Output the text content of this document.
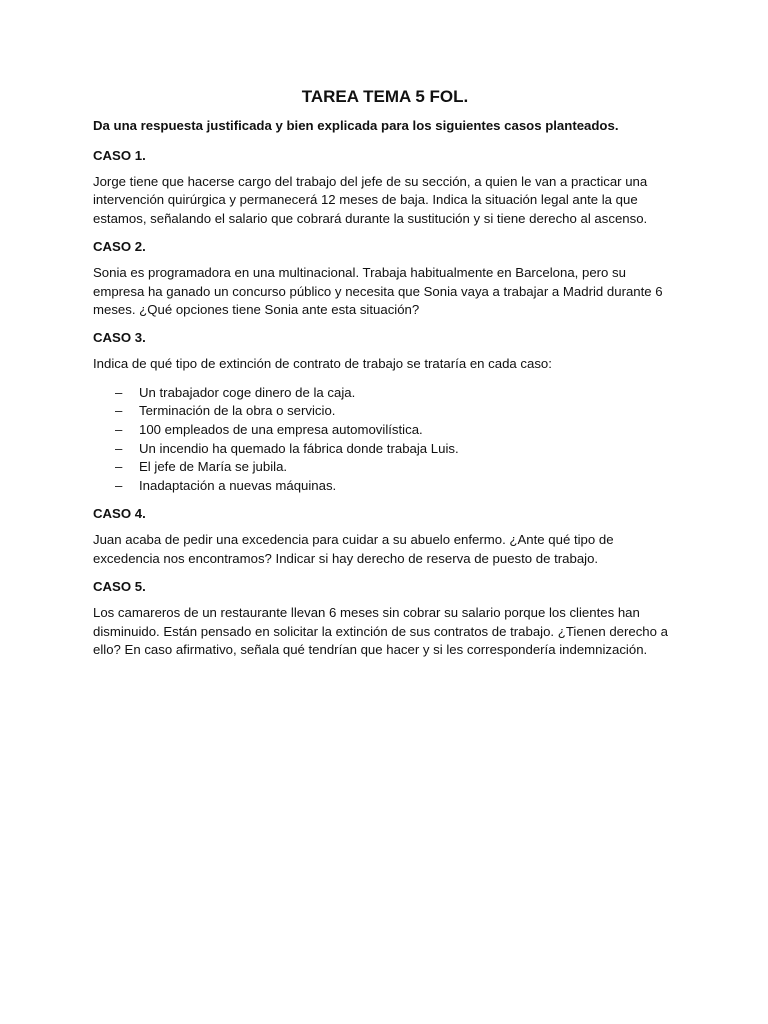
TAREA TEMA 5 FOL.
Da una respuesta justificada y bien explicada para los siguientes casos planteados.
CASO 1.
Jorge tiene que hacerse cargo del trabajo del jefe de su sección, a quien le van a practicar una intervención quirúrgica y permanecerá 12 meses de baja. Indica la situación legal ante la que estamos, señalando el salario que cobrará durante la sustitución y si tiene derecho al ascenso.
CASO 2.
Sonia es programadora en una multinacional. Trabaja habitualmente en Barcelona, pero su empresa ha ganado un concurso público y necesita que Sonia vaya a trabajar a Madrid durante 6 meses. ¿Qué opciones tiene Sonia ante esta situación?
CASO 3.
Indica de qué tipo de extinción de contrato de trabajo se trataría en cada caso:
– Un trabajador coge dinero de la caja.
– Terminación de la obra o servicio.
– 100 empleados de una empresa automovilística.
– Un incendio ha quemado la fábrica donde trabaja Luis.
– El jefe de María se jubila.
– Inadaptación a nuevas máquinas.
CASO 4.
Juan acaba de pedir una excedencia para cuidar a su abuelo enfermo. ¿Ante qué tipo de excedencia nos encontramos? Indicar si hay derecho de reserva de puesto de trabajo.
CASO 5.
Los camareros de un restaurante llevan 6 meses sin cobrar su salario porque los clientes han disminuido. Están pensado en solicitar la extinción de sus contratos de trabajo. ¿Tienen derecho a ello? En caso afirmativo, señala qué tendrían que hacer y si les correspondería indemnización.
